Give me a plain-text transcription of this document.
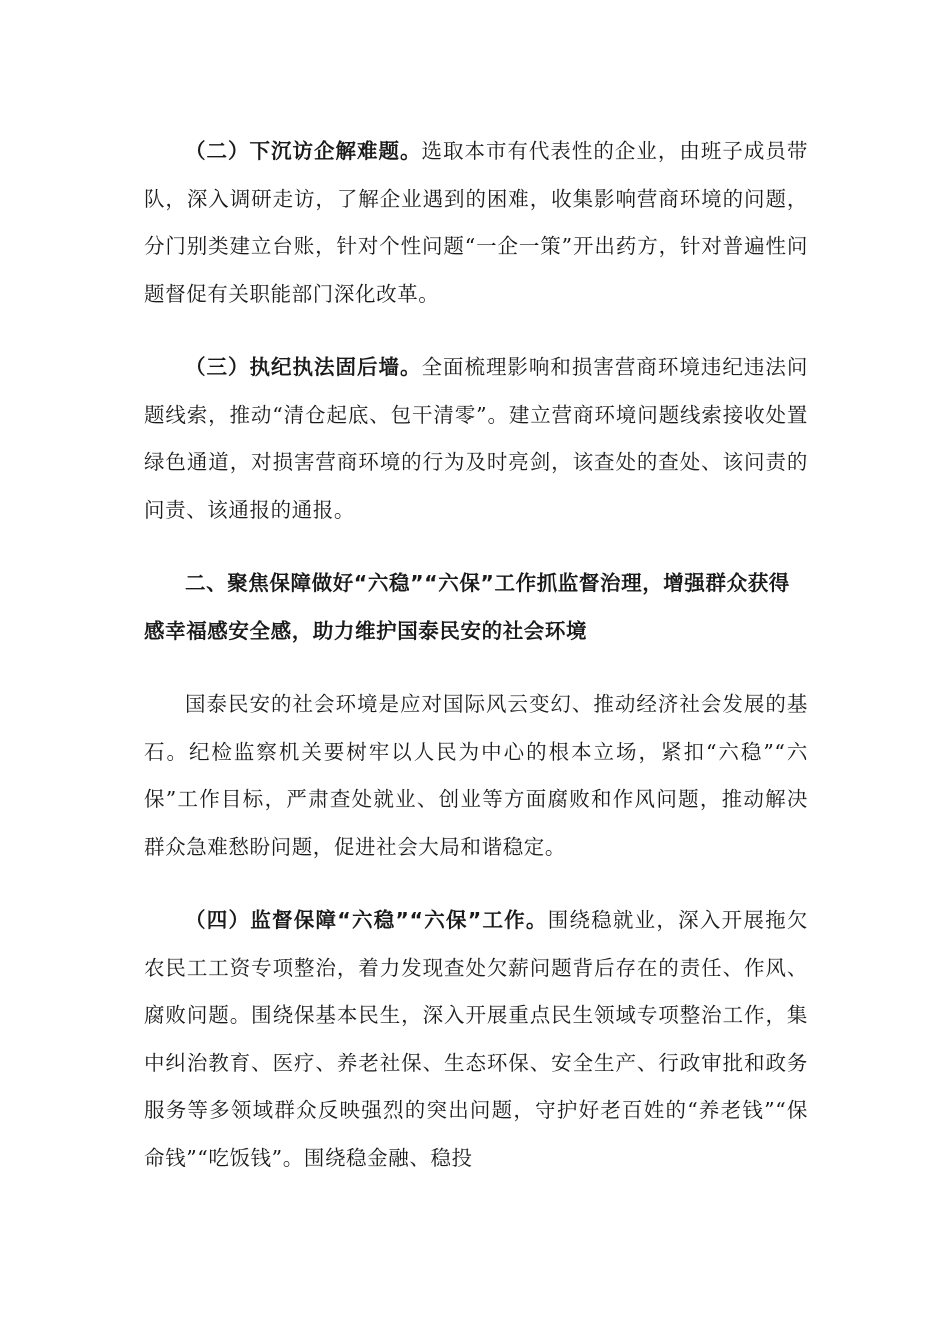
（二）下沉访企解难题。选取本市有代表性的企业，由班子成员带队，深入调研走访，了解企业遇到的困难，收集影响营商环境的问题，分门别类建立台账，针对个性问题“一企一策”开出药方，针对普遍性问题督促有关职能部门深化改革。

（三）执纪执法固后墙。全面梳理影响和损害营商环境违纪违法问题线索，推动“清仓起底、包干清零”。建立营商环境问题线索接收处置绿色通道，对损害营商环境的行为及时亮剑，该查处的查处、该问责的问责、该通报的通报。

二、聚焦保障做好“六稳”“六保”工作抓监督治理，增强群众获得感幸福感安全感，助力维护国泰民安的社会环境

国泰民安的社会环境是应对国际风云变幻、推动经济社会发展的基石。纪检监察机关要树牢以人民为中心的根本立场，紧扣“六稳”“六保”工作目标，严肃查处就业、创业等方面腐败和作风问题，推动解决群众急难愁盼问题，促进社会大局和谐稳定。

（四）监督保障“六稳”“六保”工作。围绕稳就业，深入开展拖欠农民工工资专项整治，着力发现查处欠薪问题背后存在的责任、作风、腐败问题。围绕保基本民生，深入开展重点民生领域专项整治工作，集中纠治教育、医疗、养老社保、生态环保、安全生产、行政审批和政务服务等多领域群众反映强烈的突出问题，守护好老百姓的“养老钱”“保命钱”“吃饭钱”。围绕稳金融、稳投
